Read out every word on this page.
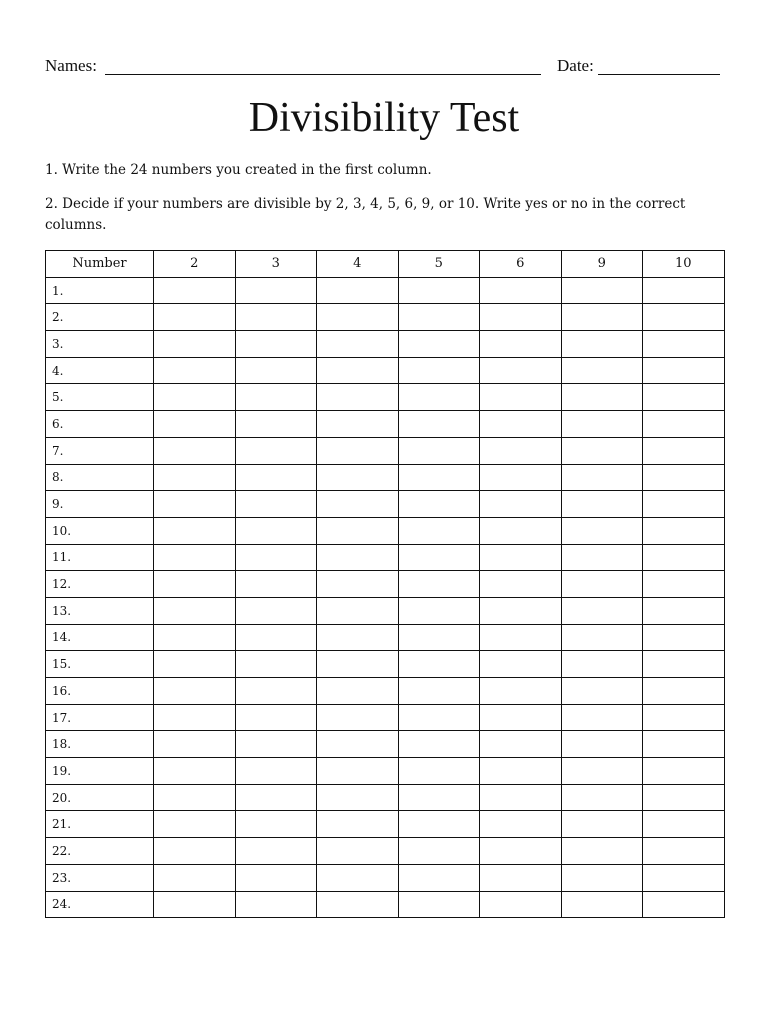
Names:	Date:
Divisibility Test
1. Write the 24 numbers you created in the first column.
2. Decide if your numbers are divisible by 2, 3, 4, 5, 6, 9, or 10. Write yes or no in the correct columns.
Number	2	3	4	5	6	9	10
1.							
2.							
3.							
4.							
5.							
6.							
7.							
8.							
9.							
10.							
11.							
12.							
13.							
14.							
15.							
16.							
17.							
18.							
19.							
20.							
21.							
22.							
23.							
24.							
